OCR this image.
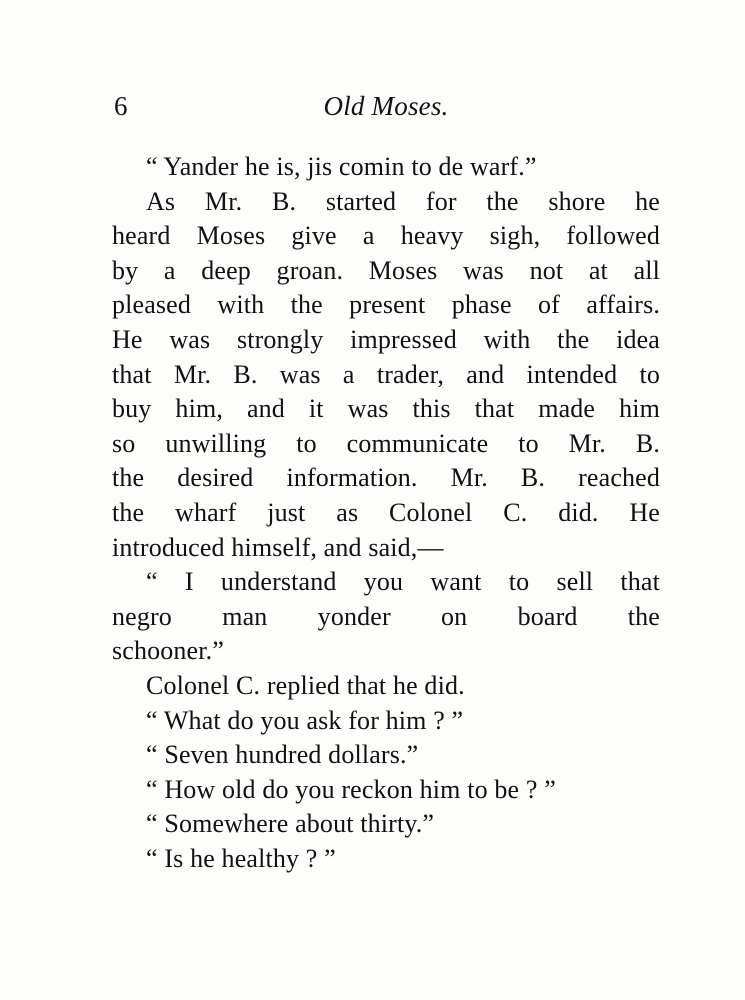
6	Old Moses.
“ Yander he is, jis comin to de warf.”
As Mr. B. started for the shore he
heard Moses give a heavy sigh, followed
by a deep groan. Moses was not at all
pleased with the present phase of affairs.
He was strongly impressed with the idea
that Mr. B. was a trader, and intended to
buy him, and it was this that made him
so unwilling to communicate to Mr. B.
the desired information. Mr. B. reached
the wharf just as Colonel C. did. He
introduced himself, and said,—
“ I understand you want to sell that
negro man yonder on board the
schooner.”
Colonel C. replied that he did.
“ What do you ask for him ? ”
“ Seven hundred dollars.”
“ How old do you reckon him to be ? ”
“ Somewhere about thirty.”
“ Is he healthy ? ”
